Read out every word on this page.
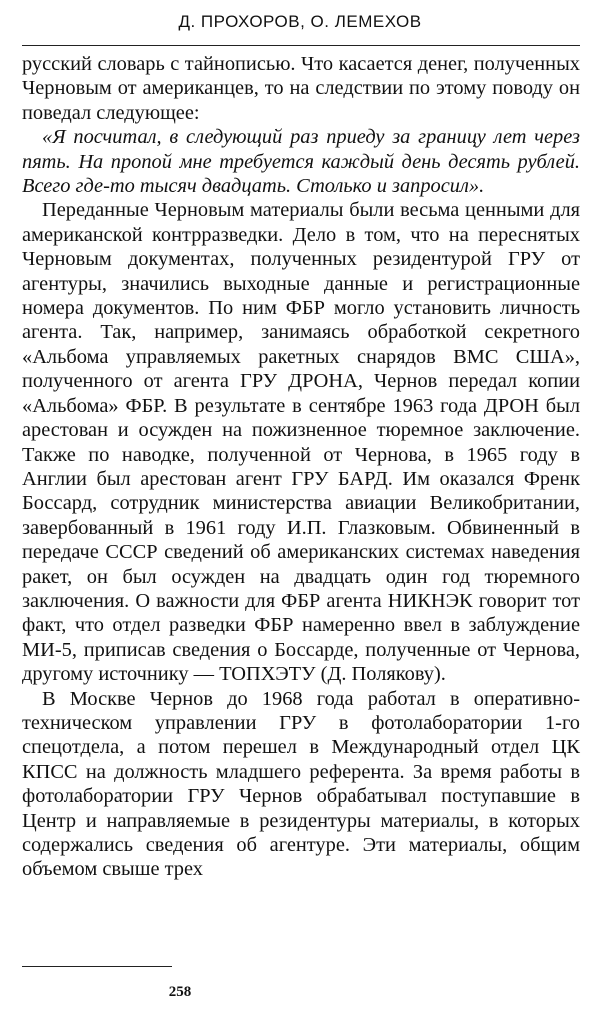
Д. ПРОХОРОВ, О. ЛЕМЕХОВ

русский словарь с тайнописью. Что касается денег, полученных Черновым от американцев, то на следствии по этому поводу он поведал следующее:

«Я посчитал, в следующий раз приеду за границу лет через пять. На пропой мне требуется каждый день десять рублей. Всего где-то тысяч двадцать. Столько и запросил».

Переданные Черновым материалы были весьма ценными для американской контрразведки. Дело в том, что на переснятых Черновым документах, полученных резидентурой ГРУ от агентуры, значились выходные данные и регистрационные номера документов. По ним ФБР могло установить личность агента. Так, например, занимаясь обработкой секретного «Альбома управляемых ракетных снарядов ВМС США», полученного от агента ГРУ ДРОНА, Чернов передал копии «Альбома» ФБР. В результате в сентябре 1963 года ДРОН был арестован и осужден на пожизненное тюремное заключение. Также по наводке, полученной от Чернова, в 1965 году в Англии был арестован агент ГРУ БАРД. Им оказался Френк Боссард, сотрудник министерства авиации Великобритании, завербованный в 1961 году И.П. Глазковым. Обвиненный в передаче СССР сведений об американских системах наведения ракет, он был осужден на двадцать один год тюремного заключения. О важности для ФБР агента НИКНЭК говорит тот факт, что отдел разведки ФБР намеренно ввел в заблуждение МИ-5, приписав сведения о Боссарде, полученные от Чернова, другому источнику — ТОПХЭТУ (Д. Полякову).

В Москве Чернов до 1968 года работал в оперативно-техническом управлении ГРУ в фотолаборатории 1-го спецотдела, а потом перешел в Международный отдел ЦК КПСС на должность младшего референта. За время работы в фотолаборатории ГРУ Чернов обрабатывал поступавшие в Центр и направляемые в резидентуры материалы, в которых содержались сведения об агентуре. Эти материалы, общим объемом свыше трех

258
